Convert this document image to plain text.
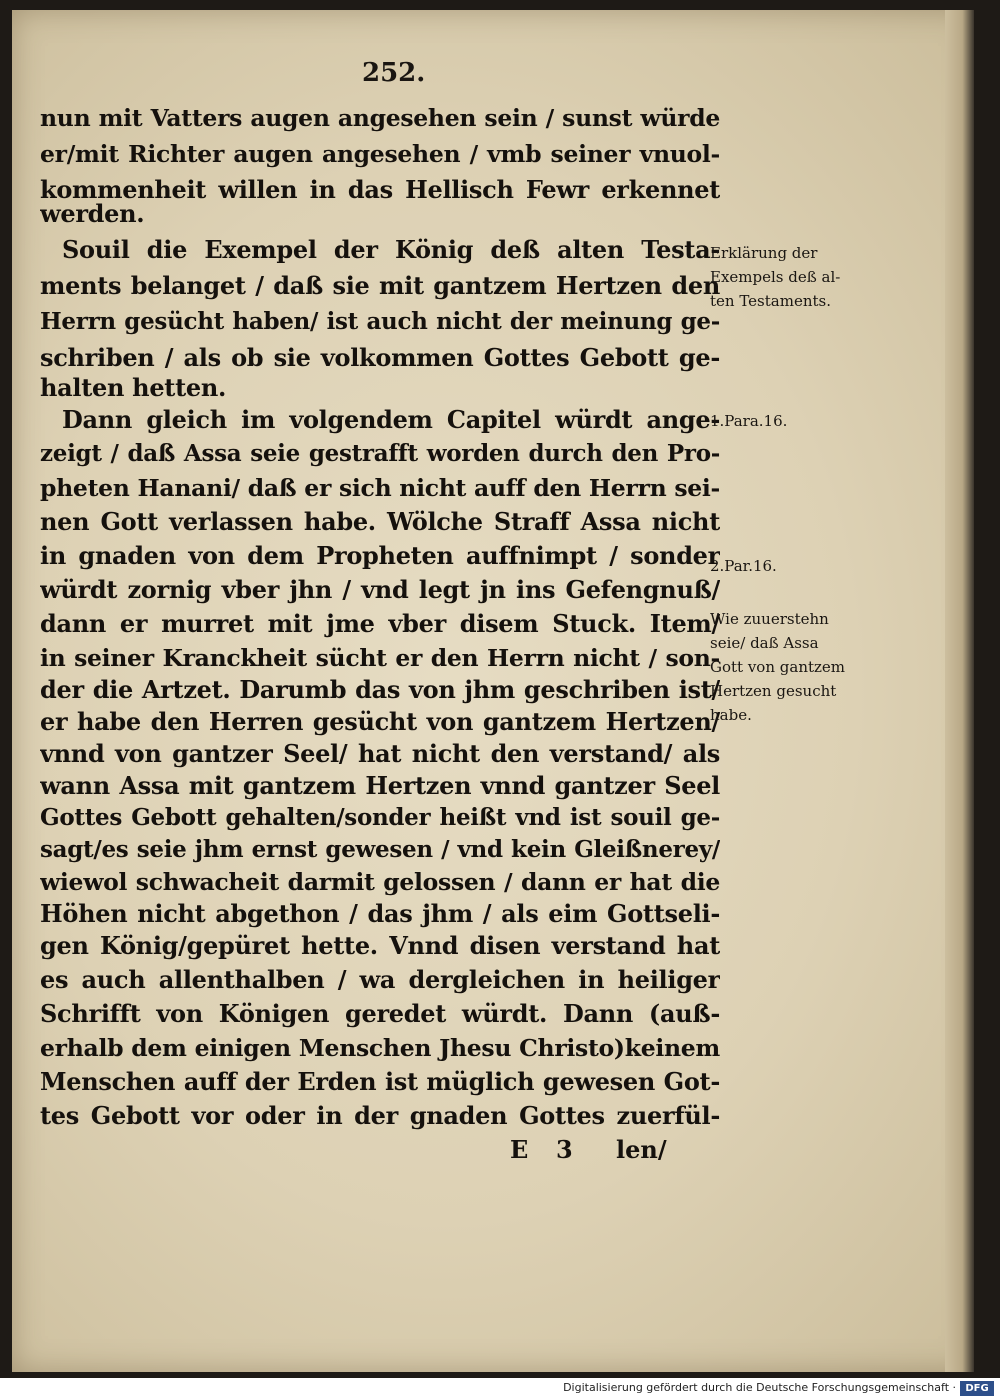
252.
nun mit Vatters augen angesehen sein / sunst würde
er/mit Richter augen angesehen / vmb seiner vnuol-
kommenheit willen in das Hellisch Fewr erkennet
werden.
Souil die Exempel der König deß alten Testa-
ments belanget / daß sie mit gantzem Hertzen den
Herrn gesücht haben/ ist auch nicht der meinung ge-
schriben / als ob sie volkommen Gottes Gebott ge-
halten hetten.
Dann gleich im volgendem Capitel würdt ange-
zeigt / daß Assa seie gestrafft worden durch den Pro-
pheten Hanani/ daß er sich nicht auff den Herrn sei-
nen Gott verlassen habe. Wölche Straff Assa nicht
in gnaden von dem Propheten auffnimpt / sonder
würdt zornig vber jhn / vnd legt jn ins Gefengnuß/
dann er murret mit jme vber disem Stuck. Item/
in seiner Kranckheit sücht er den Herrn nicht / son-
der die Artzet. Darumb das von jhm geschriben ist/
er habe den Herren gesücht von gantzem Hertzen/
vnnd von gantzer Seel/ hat nicht den verstand/ als
wann Assa mit gantzem Hertzen vnnd gantzer Seel
Gottes Gebott gehalten/sonder heißt vnd ist souil ge-
sagt/es seie jhm ernst gewesen / vnd kein Gleißnerey/
wiewol schwacheit darmit gelossen / dann er hat die
Höhen nicht abgethon / das jhm / als eim Gottseli-
gen König/gepüret hette. Vnnd disen verstand hat
es auch allenthalben / wa dergleichen in heiliger
Schrifft von Königen geredet würdt. Dann (auß-
erhalb dem einigen Menschen Jhesu Christo)keinem
Menschen auff der Erden ist müglich gewesen Got-
tes Gebott vor oder in der gnaden Gottes zuerfül-
Erklärung der
Exempels deß al-
ten Testaments.
1.Para.16.
2.Par.16.
Wie zuuerstehn
seie/ daß Assa
Gott von gantzem
Hertzen gesucht
habe.
E 3 len/
Digitalisierung gefördert durch die Deutsche Forschungsgemeinschaft · DFG
